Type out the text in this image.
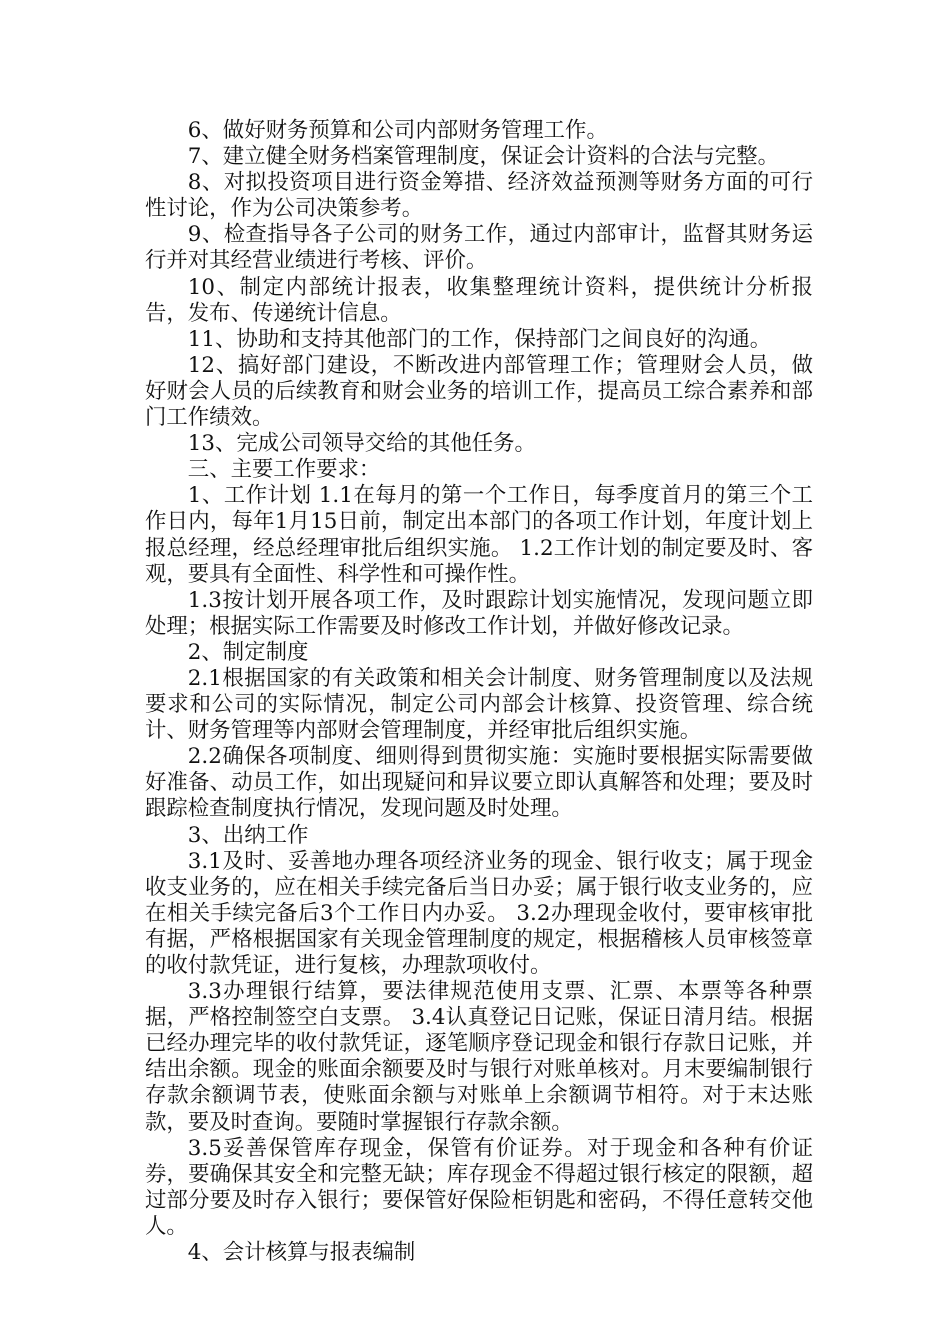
6、做好财务预算和公司内部财务管理工作。

7、建立健全财务档案管理制度，保证会计资料的合法与完整。

8、对拟投资项目进行资金筹措、经济效益预测等财务方面的可行性讨论，作为公司决策参考。

9、检查指导各子公司的财务工作，通过内部审计，监督其财务运行并对其经营业绩进行考核、评价。

10、制定内部统计报表，收集整理统计资料，提供统计分析报告，发布、传递统计信息。

11、协助和支持其他部门的工作，保持部门之间良好的沟通。

12、搞好部门建设，不断改进内部管理工作；管理财会人员，做好财会人员的后续教育和财会业务的培训工作，提高员工综合素养和部门工作绩效。

13、完成公司领导交给的其他任务。

三、主要工作要求：

1、工作计划 1.1在每月的第一个工作日，每季度首月的第三个工作日内，每年1月15日前，制定出本部门的各项工作计划，年度计划上报总经理，经总经理审批后组织实施。 1.2工作计划的制定要及时、客观，要具有全面性、科学性和可操作性。

1.3按计划开展各项工作，及时跟踪计划实施情况，发现问题立即处理；根据实际工作需要及时修改工作计划，并做好修改记录。

2、制定制度

2.1根据国家的有关政策和相关会计制度、财务管理制度以及法规要求和公司的实际情况，制定公司内部会计核算、投资管理、综合统计、财务管理等内部财会管理制度，并经审批后组织实施。

2.2确保各项制度、细则得到贯彻实施：实施时要根据实际需要做好准备、动员工作，如出现疑问和异议要立即认真解答和处理；要及时跟踪检查制度执行情况，发现问题及时处理。

3、出纳工作

3.1及时、妥善地办理各项经济业务的现金、银行收支；属于现金收支业务的，应在相关手续完备后当日办妥；属于银行收支业务的，应在相关手续完备后3个工作日内办妥。 3.2办理现金收付，要审核审批有据，严格根据国家有关现金管理制度的规定，根据稽核人员审核签章的收付款凭证，进行复核，办理款项收付。

3.3办理银行结算，要法律规范使用支票、汇票、本票等各种票据，严格控制签空白支票。 3.4认真登记日记账，保证日清月结。根据已经办理完毕的收付款凭证，逐笔顺序登记现金和银行存款日记账，并结出余额。现金的账面余额要及时与银行对账单核对。月末要编制银行存款余额调节表，使账面余额与对账单上余额调节相符。对于末达账款，要及时查询。要随时掌握银行存款余额。

3.5妥善保管库存现金，保管有价证券。对于现金和各种有价证券，要确保其安全和完整无缺；库存现金不得超过银行核定的限额，超过部分要及时存入银行；要保管好保险柜钥匙和密码，不得任意转交他人。

4、会计核算与报表编制
